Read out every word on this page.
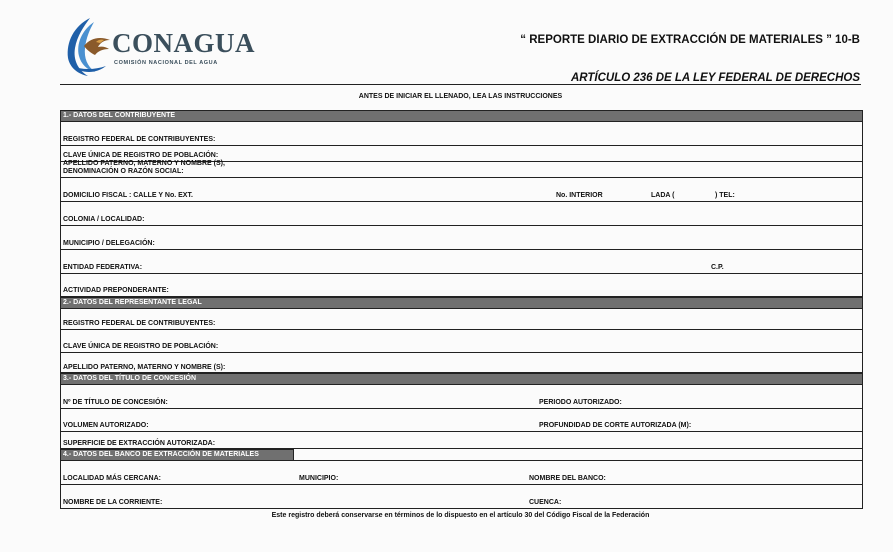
CONAGUA
COMISIÓN NACIONAL DEL AGUA
“ REPORTE DIARIO DE EXTRACCIÓN DE MATERIALES ” 10-B
ARTÍCULO 236 DE LA LEY FEDERAL DE DERECHOS
ANTES DE INICIAR EL LLENADO, LEA LAS INSTRUCCIONES
1.- DATOS DEL CONTRIBUYENTE
REGISTRO FEDERAL DE CONTRIBUYENTES:
CLAVE ÚNICA DE REGISTRO DE POBLACIÓN:
APELLIDO PATERNO, MATERNO Y NOMBRE (S),
DENOMINACIÓN O RAZÓN SOCIAL:
DOMICILIO FISCAL : CALLE Y No. EXT.	No. INTERIOR	LADA (	) TEL:
COLONIA / LOCALIDAD:
MUNICIPIO / DELEGACIÓN:
ENTIDAD FEDERATIVA:	C.P.
ACTIVIDAD PREPONDERANTE:
2.- DATOS DEL REPRESENTANTE LEGAL
REGISTRO FEDERAL DE CONTRIBUYENTES:
CLAVE ÚNICA DE REGISTRO DE POBLACIÓN:
APELLIDO PATERNO, MATERNO Y NOMBRE (S):
3.- DATOS DEL TÍTULO DE CONCESIÓN
Nº DE TÍTULO DE CONCESIÓN:	PERIODO AUTORIZADO:
VOLUMEN AUTORIZADO:	PROFUNDIDAD DE CORTE AUTORIZADA (M):
SUPERFICIE DE EXTRACCIÓN AUTORIZADA:
4.- DATOS DEL BANCO DE EXTRACCIÓN DE MATERIALES
LOCALIDAD MÁS CERCANA:	MUNICIPIO:	NOMBRE DEL BANCO:
NOMBRE DE LA CORRIENTE:	CUENCA:
Este registro deberá conservarse en términos de lo dispuesto en el artículo 30 del Código Fiscal de la Federación
